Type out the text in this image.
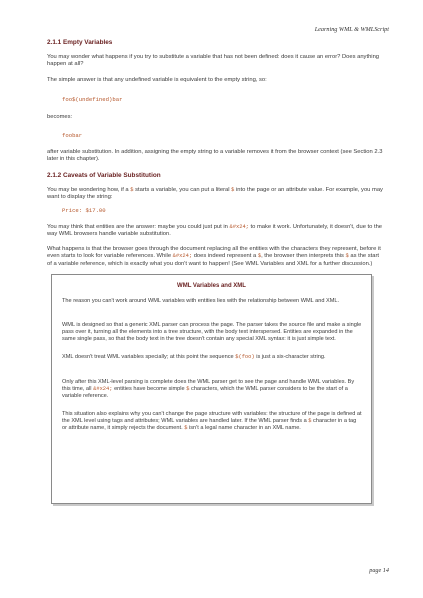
Learning WML & WMLScript
2.1.1 Empty Variables

You may wonder what happens if you try to substitute a variable that has not been defined: does it cause an error? Does anything happen at all?

The simple answer is that any undefined variable is equivalent to the empty string, so:

foo$(undefined)bar

becomes:

foobar

after variable substitution. In addition, assigning the empty string to a variable removes it from the browser context (see Section 2.3 later in this chapter).

2.1.2 Caveats of Variable Substitution

You may be wondering how, if a $ starts a variable, you can put a literal $ into the page or an attribute value. For example, you may want to display the string:

Price: $17.00

You may think that entities are the answer: maybe you could just put in &#x24; to make it work. Unfortunately, it doesn't, due to the way WML browsers handle variable substitution.

What happens is that the browser goes through the document replacing all the entities with the characters they represent, before it even starts to look for variable references. While &#x24; does indeed represent a $, the browser then interprets this $ as the start of a variable reference, which is exactly what you don't want to happen! (See WML Variables and XML for a further discussion.)

WML Variables and XML

The reason you can't work around WML variables with entities lies with the relationship between WML and XML.

WML is designed so that a generic XML parser can process the page. The parser takes the source file and make a single pass over it, turning all the elements into a tree structure, with the body text interspersed. Entities are expanded in the same single pass, so that the body text in the tree doesn't contain any special XML syntax: it is just simple text.

XML doesn't treat WML variables specially; at this point the sequence $(foo) is just a six-character string.

Only after this XML-level parsing is complete does the WML parser get to see the page and handle WML variables. By this time, all &#x24; entities have become simple $ characters, which the WML parser considers to be the start of a variable reference.

This situation also explains why you can't change the page structure with variables: the structure of the page is defined at the XML level using tags and attributes; WML variables are handled later. If the WML parser finds a $ character in a tag or attribute name, it simply rejects the document. $ isn't a legal name character in an XML name.

page 14
